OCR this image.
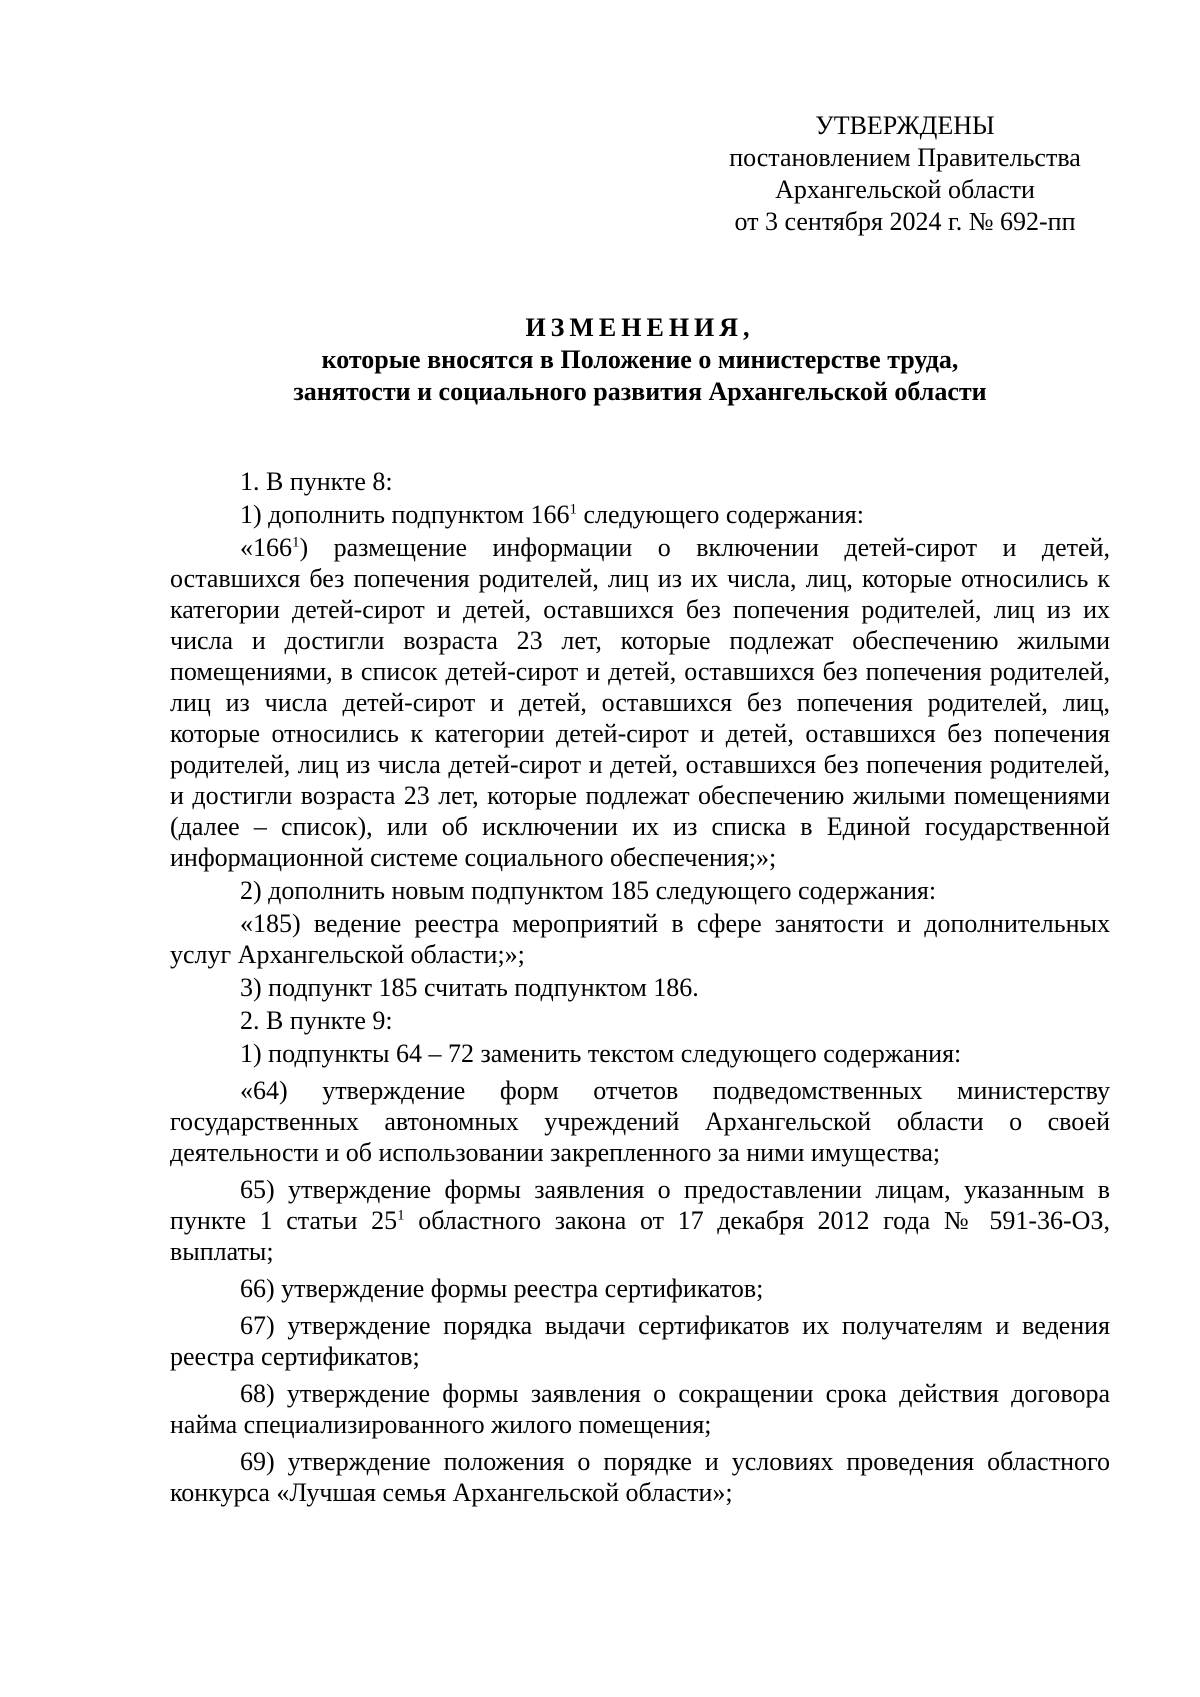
УТВЕРЖДЕНЫ
постановлением Правительства
Архангельской области
от 3 сентября 2024 г. № 692-пп
ИЗМЕНЕНИЯ,
которые вносятся в Положение о министерстве труда,
занятости и социального развития Архангельской области

1. В пункте 8:

1) дополнить подпунктом $166^1$ следующего содержания:

«$166^1$) размещение информации о включении детей-сирот и детей, оставшихся без попечения родителей, лиц из их числа, лиц, которые относились к категории детей-сирот и детей, оставшихся без попечения родителей, лиц из их числа и достигли возраста 23 лет, которые подлежат обеспечению жилыми помещениями, в список детей-сирот и детей, оставшихся без попечения родителей, лиц из числа детей-сирот и детей, оставшихся без попечения родителей, лиц, которые относились к категории детей-сирот и детей, оставшихся без попечения родителей, лиц из числа детей-сирот и детей, оставшихся без попечения родителей, и достигли возраста 23 лет, которые подлежат обеспечению жилыми помещениями (далее – список), или об исключении их из списка в Единой государственной информационной системе социального обеспечения;»;

2) дополнить новым подпунктом 185 следующего содержания:

«185) ведение реестра мероприятий в сфере занятости и дополнительных услуг Архангельской области;»;

3) подпункт 185 считать подпунктом 186.

2. В пункте 9:

1) подпункты 64 – 72 заменить текстом следующего содержания:

«64) утверждение форм отчетов подведомственных министерству государственных автономных учреждений Архангельской области о своей деятельности и об использовании закрепленного за ними имущества;

65) утверждение формы заявления о предоставлении лицам, указанным в пункте 1 статьи $25^1$ областного закона от 17 декабря 2012 года № 591-36-ОЗ, выплаты;

66) утверждение формы реестра сертификатов;

67) утверждение порядка выдачи сертификатов их получателям и ведения реестра сертификатов;

68) утверждение формы заявления о сокращении срока действия договора найма специализированного жилого помещения;

69) утверждение положения о порядке и условиях проведения областного конкурса «Лучшая семья Архангельской области»;
